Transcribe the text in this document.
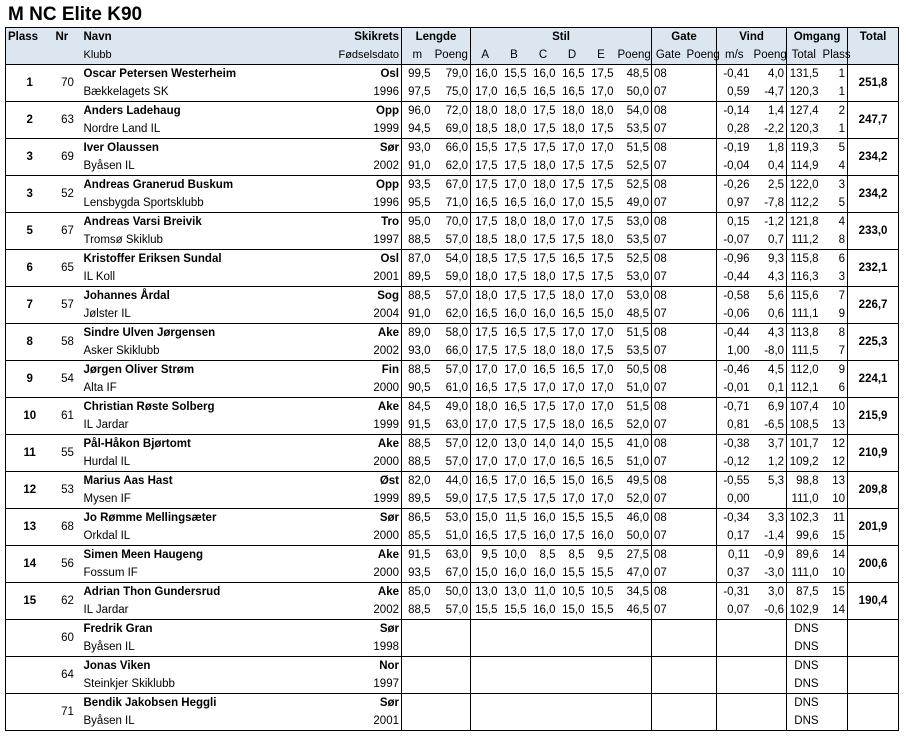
M NC Elite K90
Plass	Nr	Navn	Skikrets	Lengde		Stil						Gate		Vind		Omgang		Total
		Klubb	Fødselsdato	m	Poeng	A	B	C	D	E	Poeng	Gate	Poeng	m/s	Poeng	Total	Plass	
1	70	Oscar Petersen Westerheim	Osl	99,5	79,0	16,0	15,5	16,0	16,5	17,5	48,5	08		-0,41	4,0	131,5	1	251,8
		Bækkelagets SK	1996	97,5	75,0	17,0	16,5	16,5	16,5	17,0	50,0	07		0,59	-4,7	120,3	1	
2	63	Anders Ladehaug	Opp	96,0	72,0	18,0	18,0	17,5	18,0	18,0	54,0	08		-0,14	1,4	127,4	2	247,7
		Nordre Land IL	1999	94,5	69,0	18,5	18,0	17,5	18,0	17,5	53,5	07		0,28	-2,2	120,3	1	
3	69	Iver Olaussen	Sør	93,0	66,0	15,5	17,5	17,5	17,0	17,0	51,5	08		-0,19	1,8	119,3	5	234,2
		Byåsen IL	2002	91,0	62,0	17,5	17,5	18,0	17,5	17,5	52,5	07		-0,04	0,4	114,9	4	
3	52	Andreas Granerud Buskum	Opp	93,5	67,0	17,5	17,0	18,0	17,5	17,5	52,5	08		-0,26	2,5	122,0	3	234,2
		Lensbygda Sportsklubb	1996	95,5	71,0	16,5	16,5	16,0	17,0	15,5	49,0	07		0,97	-7,8	112,2	5	
5	67	Andreas Varsi Breivik	Tro	95,0	70,0	17,5	18,0	18,0	17,0	17,5	53,0	08		0,15	-1,2	121,8	4	233,0
		Tromsø Skiklub	1997	88,5	57,0	18,5	18,0	17,5	17,5	18,0	53,5	07		-0,07	0,7	111,2	8	
6	65	Kristoffer Eriksen Sundal	Osl	87,0	54,0	18,5	17,5	17,5	16,5	17,5	52,5	08		-0,96	9,3	115,8	6	232,1
		IL Koll	2001	89,5	59,0	18,0	17,5	18,0	17,5	17,5	53,0	07		-0,44	4,3	116,3	3	
7	57	Johannes Årdal	Sog	88,5	57,0	18,0	17,5	17,5	18,0	17,0	53,0	08		-0,58	5,6	115,6	7	226,7
		Jølster IL	2004	91,0	62,0	16,5	16,0	16,0	16,5	15,0	48,5	07		-0,06	0,6	111,1	9	
8	58	Sindre Ulven Jørgensen	Ake	89,0	58,0	17,5	16,5	17,5	17,0	17,0	51,5	08		-0,44	4,3	113,8	8	225,3
		Asker Skiklubb	2002	93,0	66,0	17,5	17,5	18,0	18,0	17,5	53,5	07		1,00	-8,0	111,5	7	
9	54	Jørgen Oliver Strøm	Fin	88,5	57,0	17,0	17,0	16,5	16,5	17,0	50,5	08		-0,46	4,5	112,0	9	224,1
		Alta IF	2000	90,5	61,0	16,5	17,5	17,0	17,0	17,0	51,0	07		-0,01	0,1	112,1	6	
10	61	Christian Røste Solberg	Ake	84,5	49,0	18,0	16,5	17,5	17,0	17,0	51,5	08		-0,71	6,9	107,4	10	215,9
		IL Jardar	1999	91,5	63,0	17,0	17,5	17,5	18,0	16,5	52,0	07		0,81	-6,5	108,5	13	
11	55	Pål-Håkon Bjørtomt	Ake	88,5	57,0	12,0	13,0	14,0	14,0	15,5	41,0	08		-0,38	3,7	101,7	12	210,9
		Hurdal IL	2000	88,5	57,0	17,0	17,0	17,0	16,5	16,5	51,0	07		-0,12	1,2	109,2	12	
12	53	Marius Aas Hast	Øst	82,0	44,0	16,5	17,0	16,5	15,0	16,5	49,5	08		-0,55	5,3	98,8	13	209,8
		Mysen IF	1999	89,5	59,0	17,5	17,5	17,5	17,0	17,0	52,0	07		0,00		111,0	10	
13	68	Jo Rømme Mellingsæter	Sør	86,5	53,0	15,0	11,5	16,0	15,5	15,5	46,0	08		-0,34	3,3	102,3	11	201,9
		Orkdal IL	2000	85,5	51,0	16,5	17,5	16,0	17,5	16,0	50,0	07		0,17	-1,4	99,6	15	
14	56	Simen Meen Haugeng	Ake	91,5	63,0	9,5	10,0	8,5	8,5	9,5	27,5	08		0,11	-0,9	89,6	14	200,6
		Fossum IF	2000	93,5	67,0	15,0	16,0	16,0	15,5	15,5	47,0	07		0,37	-3,0	111,0	10	
15	62	Adrian Thon Gundersrud	Ake	85,0	50,0	13,0	13,0	11,0	10,5	10,5	34,5	08		-0,31	3,0	87,5	15	190,4
		IL Jardar	2002	88,5	57,0	15,5	15,5	16,0	15,0	15,5	46,5	07		0,07	-0,6	102,9	14	
	60	Fredrik Gran	Sør													DNS		
		Byåsen IL	1998													DNS		
	64	Jonas Viken	Nor													DNS		
		Steinkjer Skiklubb	1997													DNS		
	71	Bendik Jakobsen Heggli	Sør													DNS		
		Byåsen IL	2001													DNS		
